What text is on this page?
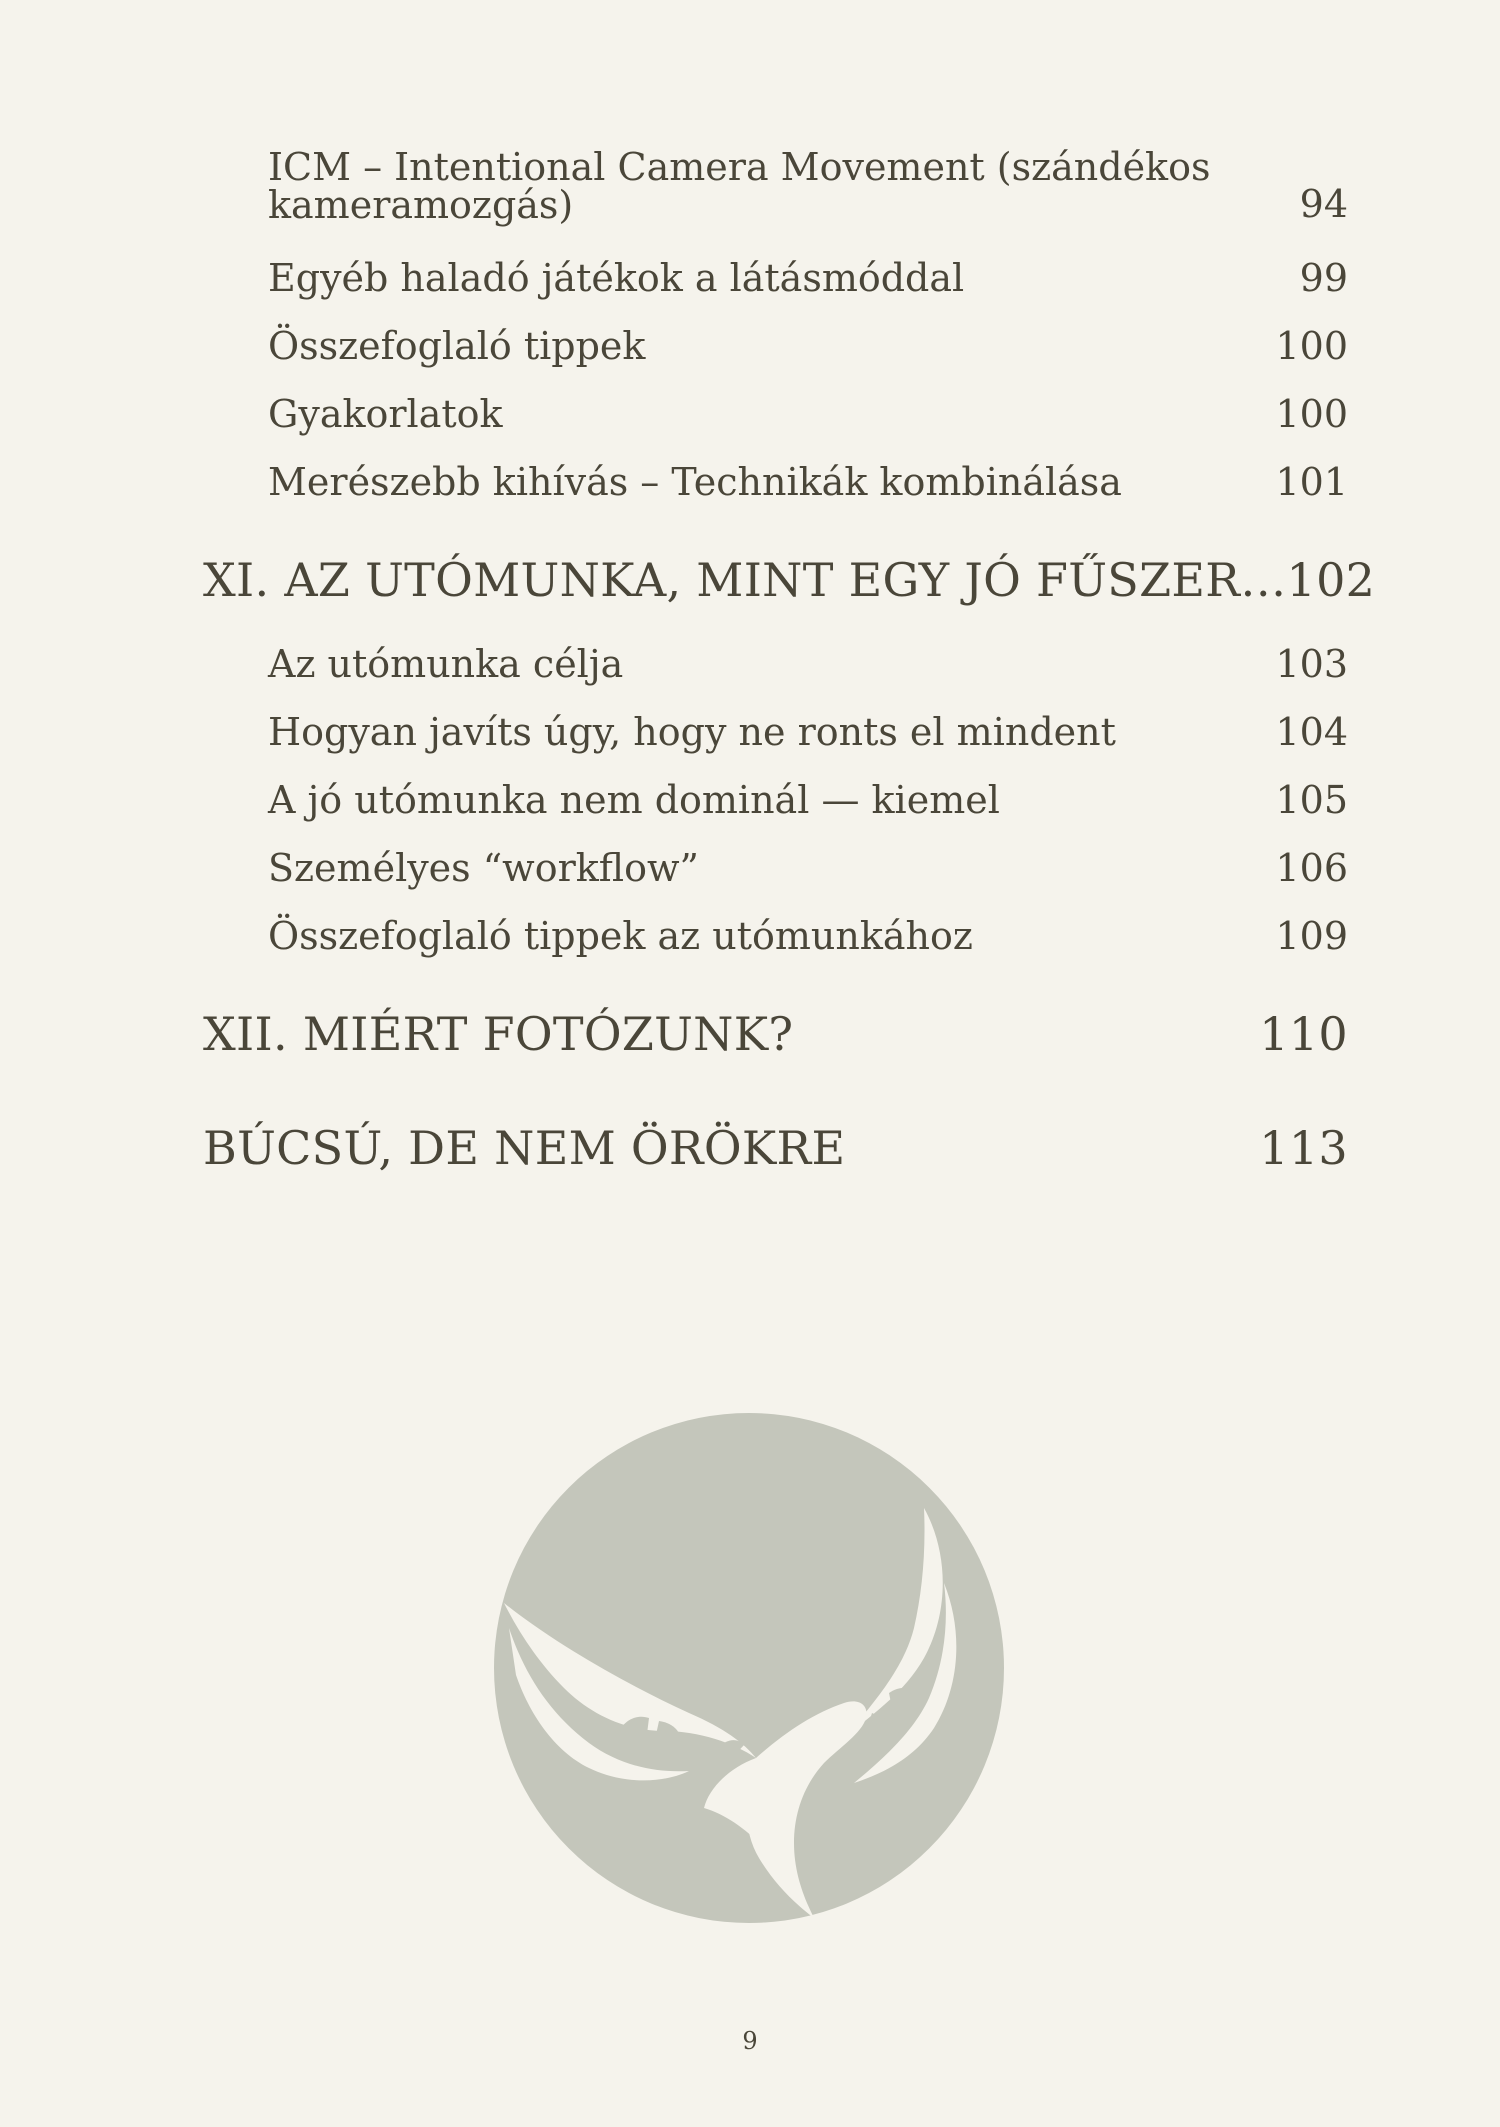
ICM – Intentional Camera Movement (szándékos kameramozgás)	94
Egyéb haladó játékok a látásmóddal	99
Összefoglaló tippek	100
Gyakorlatok	100
Merészebb kihívás – Technikák kombinálása	101
XI. AZ UTÓMUNKA, MINT EGY JÓ FŰSZER… 102
Az utómunka célja	103
Hogyan javíts úgy, hogy ne ronts el mindent	104
A jó utómunka nem dominál — kiemel	105
Személyes “workflow”	106
Összefoglaló tippek az utómunkához	109
XII. MIÉRT FOTÓZUNK?	110
BÚCSÚ, DE NEM ÖRÖKRE	113
9
